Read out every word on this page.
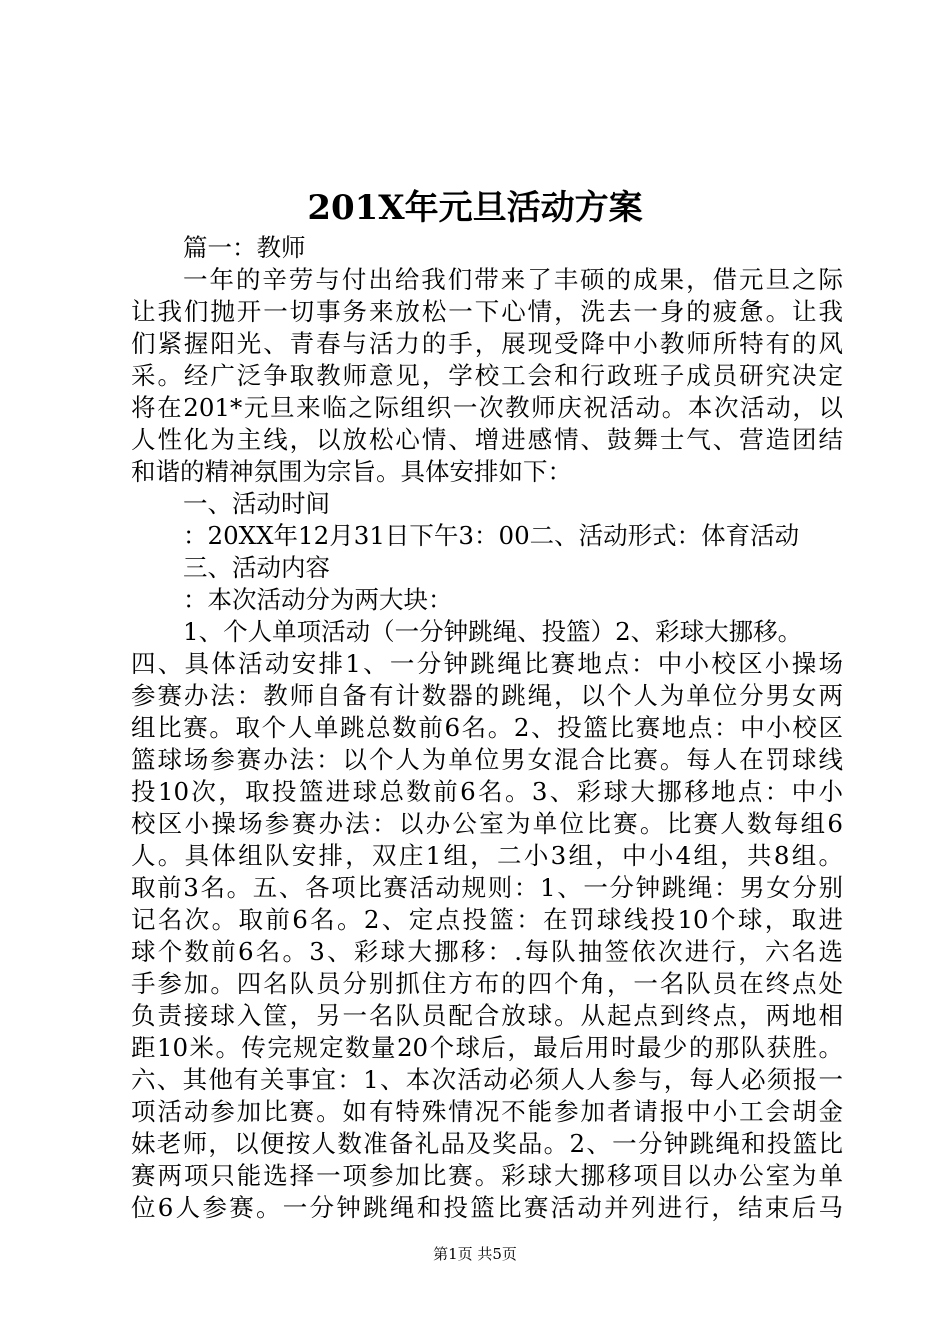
201X年元旦活动方案
篇一：教师
一年的辛劳与付出给我们带来了丰硕的成果，借元旦之际
让我们抛开一切事务来放松一下心情，洗去一身的疲惫。让我
们紧握阳光、青春与活力的手，展现受降中小教师所特有的风
采。经广泛争取教师意见，学校工会和行政班子成员研究决定
将在201*元旦来临之际组织一次教师庆祝活动。本次活动，以
人性化为主线，以放松心情、增进感情、鼓舞士气、营造团结
和谐的精神氛围为宗旨。具体安排如下：
一、活动时间
：20XX年12月31日下午3：00二、活动形式：体育活动
三、活动内容
：本次活动分为两大块：
1、个人单项活动（一分钟跳绳、投篮）2、彩球大挪移。
四、具体活动安排1、一分钟跳绳比赛地点：中小校区小操场
参赛办法：教师自备有计数器的跳绳，以个人为单位分男女两
组比赛。取个人单跳总数前6名。2、投篮比赛地点：中小校区
篮球场参赛办法：以个人为单位男女混合比赛。每人在罚球线
投10次，取投篮进球总数前6名。3、彩球大挪移地点：中小
校区小操场参赛办法：以办公室为单位比赛。比赛人数每组6
人。具体组队安排，双庄1组，二小3组，中小4组，共8组。
取前3名。五、各项比赛活动规则：1、一分钟跳绳：男女分别
记名次。取前6名。2、定点投篮：在罚球线投10个球，取进
球个数前6名。3、彩球大挪移：.每队抽签依次进行，六名选
手参加。四名队员分别抓住方布的四个角，一名队员在终点处
负责接球入筐，另一名队员配合放球。从起点到终点，两地相
距10米。传完规定数量20个球后，最后用时最少的那队获胜。
六、其他有关事宜：1、本次活动必须人人参与，每人必须报一
项活动参加比赛。如有特殊情况不能参加者请报中小工会胡金
妹老师，以便按人数准备礼品及奖品。2、一分钟跳绳和投篮比
赛两项只能选择一项参加比赛。彩球大挪移项目以办公室为单
位6人参赛。一分钟跳绳和投篮比赛活动并列进行，结束后马
第1页 共5页
